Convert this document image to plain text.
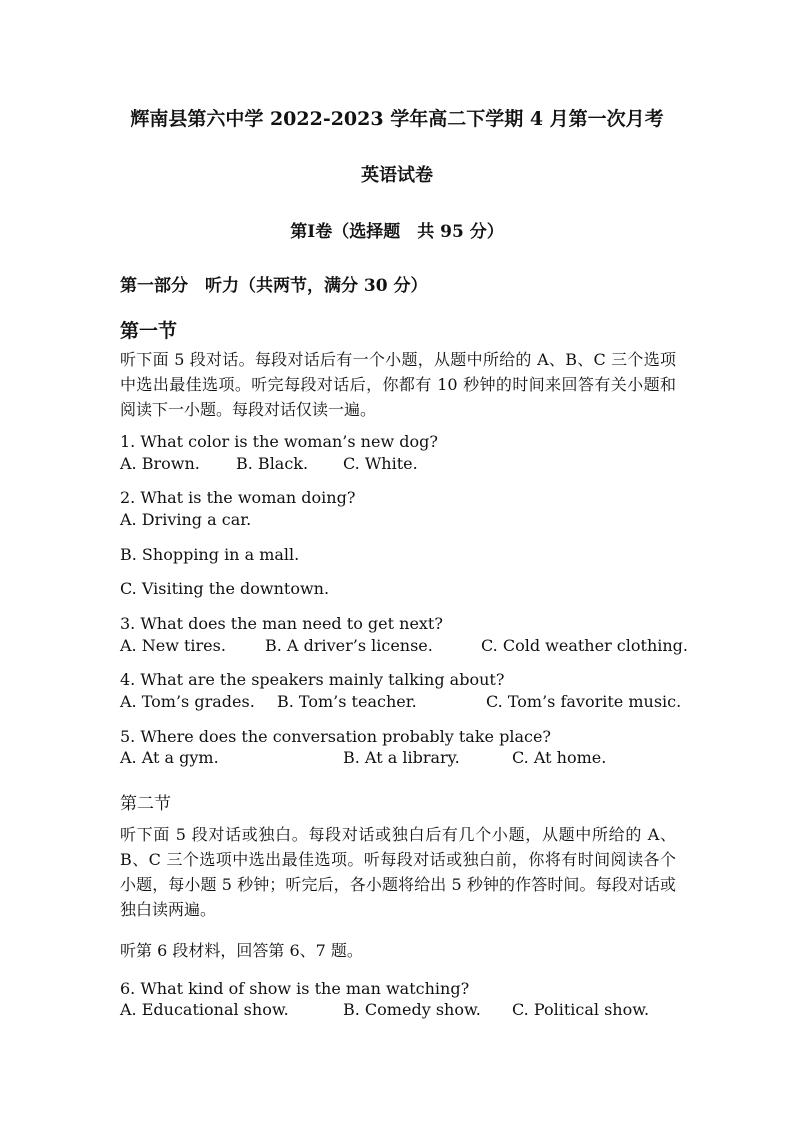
辉南县第六中学 2022-2023 学年高二下学期 4 月第一次月考
英语试卷
第Ⅰ卷（选择题　共 95 分）
第一部分　听力（共两节，满分 30 分）
第一节
听下面 5 段对话。每段对话后有一个小题，从题中所给的 A、B、C 三个选项中选出最佳选项。听完每段对话后，你都有 10 秒钟的时间来回答有关小题和阅读下一小题。每段对话仅读一遍。
1. What color is the woman’s new dog?
A. Brown. B. Black. C. White.
2. What is the woman doing?
A. Driving a car.
B. Shopping in a mall.
C. Visiting the downtown.
3. What does the man need to get next?
A. New tires. B. A driver’s license.	C. Cold weather clothing.
4. What are the speakers mainly talking about?
A. Tom’s grades. B. Tom’s teacher.	C. Tom’s favorite music.
5. Where does the conversation probably take place?
A. At a gym.	B. At a library.	C. At home.
第二节
听下面 5 段对话或独白。每段对话或独白后有几个小题，从题中所给的 A、B、C 三个选项中选出最佳选项。听每段对话或独白前，你将有时间阅读各个小题，每小题 5 秒钟；听完后，各小题将给出 5 秒钟的作答时间。每段对话或独白读两遍。
听第 6 段材料，回答第 6、7 题。
6. What kind of show is the man watching?
A. Educational show.	B. Comedy show. C. Political show.
